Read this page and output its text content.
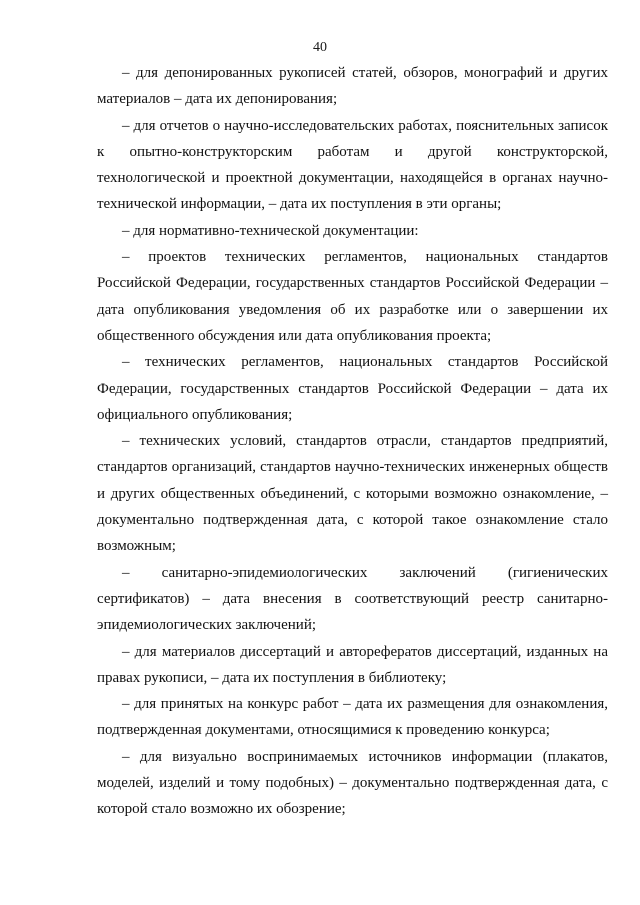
40

– для депонированных рукописей статей, обзоров, монографий и других материалов – дата их депонирования;

– для отчетов о научно-исследовательских работах, пояснительных записок к опытно-конструкторским работам и другой конструкторской, технологической и проектной документации, находящейся в органах научно-технической информации, – дата их поступления в эти органы;

– для нормативно-технической документации:

– проектов технических регламентов, национальных стандартов Российской Федерации, государственных стандартов Российской Федерации – дата опубликования уведомления об их разработке или о завершении их общественного обсуждения или дата опубликования проекта;

– технических регламентов, национальных стандартов Российской Федерации, государственных стандартов Российской Федерации – дата их официального опубликования;

– технических условий, стандартов отрасли, стандартов предприятий, стандартов организаций, стандартов научно-технических инженерных обществ и других общественных объединений, с которыми возможно ознакомление, – документально подтвержденная дата, с которой такое ознакомление стало возможным;

– санитарно-эпидемиологических заключений (гигиенических сертификатов) – дата внесения в соответствующий реестр санитарно-эпидемиологических заключений;

– для материалов диссертаций и авторефератов диссертаций, изданных на правах рукописи, – дата их поступления в библиотеку;

– для принятых на конкурс работ – дата их размещения для ознакомления, подтвержденная документами, относящимися к проведению конкурса;

– для визуально воспринимаемых источников информации (плакатов, моделей, изделий и тому подобных) – документально подтвержденная дата, с которой стало возможно их обозрение;
